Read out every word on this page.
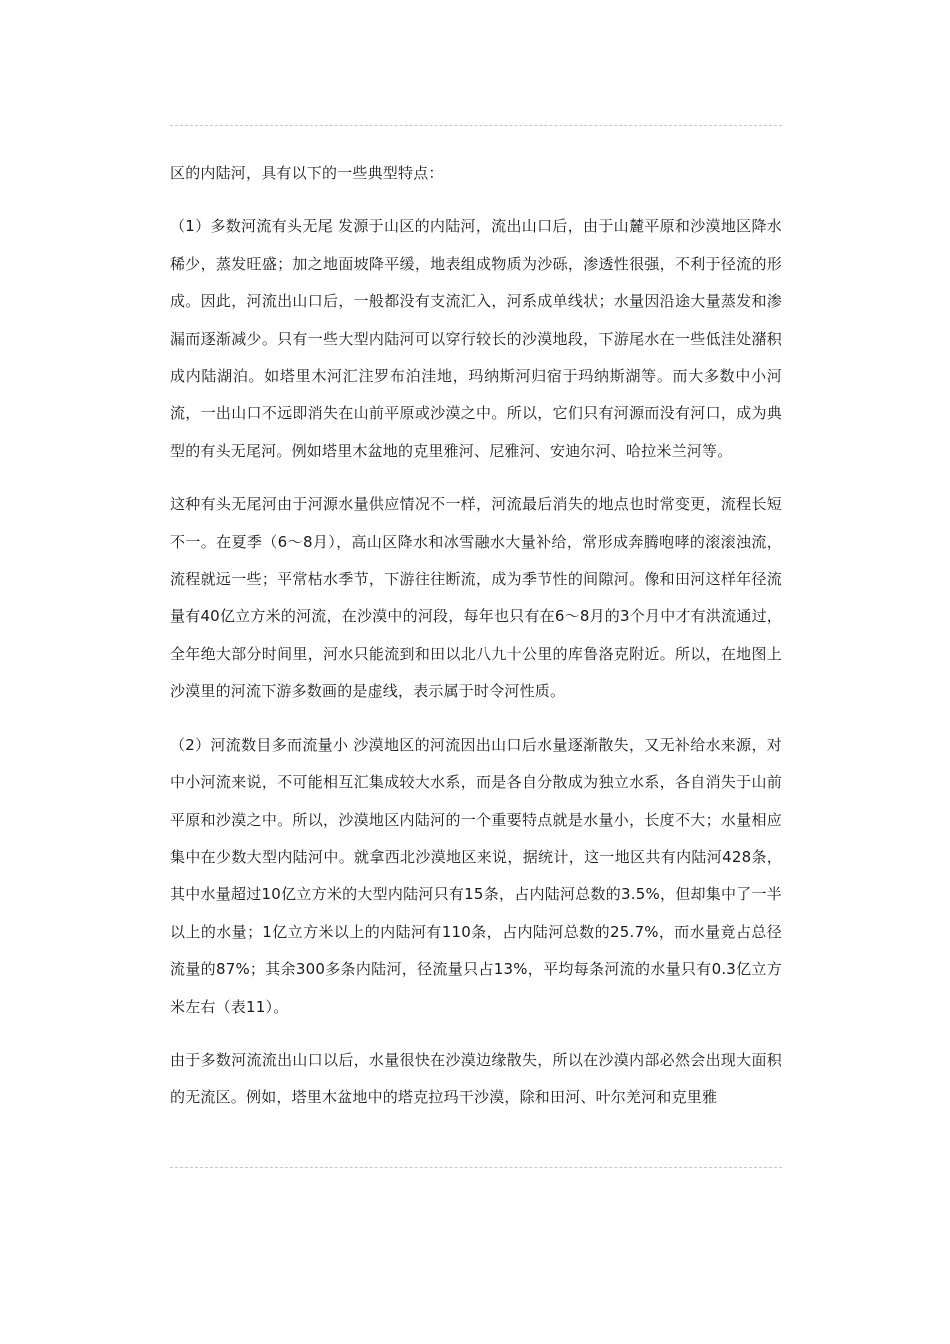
区的内陆河，具有以下的一些典型特点：

（1）多数河流有头无尾 发源于山区的内陆河，流出山口后，由于山麓平原和沙漠地区降水稀少，蒸发旺盛；加之地面坡降平缓，地表组成物质为沙砾，渗透性很强，不利于径流的形成。因此，河流出山口后，一般都没有支流汇入，河系成单线状；水量因沿途大量蒸发和渗漏而逐渐减少。只有一些大型内陆河可以穿行较长的沙漠地段，下游尾水在一些低洼处潴积成内陆湖泊。如塔里木河汇注罗布泊洼地，玛纳斯河归宿于玛纳斯湖等。而大多数中小河流，一出山口不远即消失在山前平原或沙漠之中。所以，它们只有河源而没有河口，成为典型的有头无尾河。例如塔里木盆地的克里雅河、尼雅河、安迪尔河、哈拉米兰河等。

这种有头无尾河由于河源水量供应情况不一样，河流最后消失的地点也时常变更，流程长短不一。在夏季（6～8月），高山区降水和冰雪融水大量补给，常形成奔腾咆哮的滚滚浊流，流程就远一些；平常枯水季节，下游往往断流，成为季节性的间隙河。像和田河这样年径流量有40亿立方米的河流，在沙漠中的河段，每年也只有在6～8月的3个月中才有洪流通过，全年绝大部分时间里，河水只能流到和田以北八九十公里的库鲁洛克附近。所以，在地图上沙漠里的河流下游多数画的是虚线，表示属于时令河性质。

（2）河流数目多而流量小 沙漠地区的河流因出山口后水量逐渐散失，又无补给水来源，对中小河流来说，不可能相互汇集成较大水系，而是各自分散成为独立水系，各自消失于山前平原和沙漠之中。所以，沙漠地区内陆河的一个重要特点就是水量小，长度不大；水量相应集中在少数大型内陆河中。就拿西北沙漠地区来说，据统计，这一地区共有内陆河428条，其中水量超过10亿立方米的大型内陆河只有15条，占内陆河总数的3.5%，但却集中了一半以上的水量；1亿立方米以上的内陆河有110条，占内陆河总数的25.7%，而水量竟占总径流量的87%；其余300多条内陆河，径流量只占13%，平均每条河流的水量只有0.3亿立方米左右（表11）。

由于多数河流流出山口以后，水量很快在沙漠边缘散失，所以在沙漠内部必然会出现大面积的无流区。例如，塔里木盆地中的塔克拉玛干沙漠，除和田河、叶尔羌河和克里雅
